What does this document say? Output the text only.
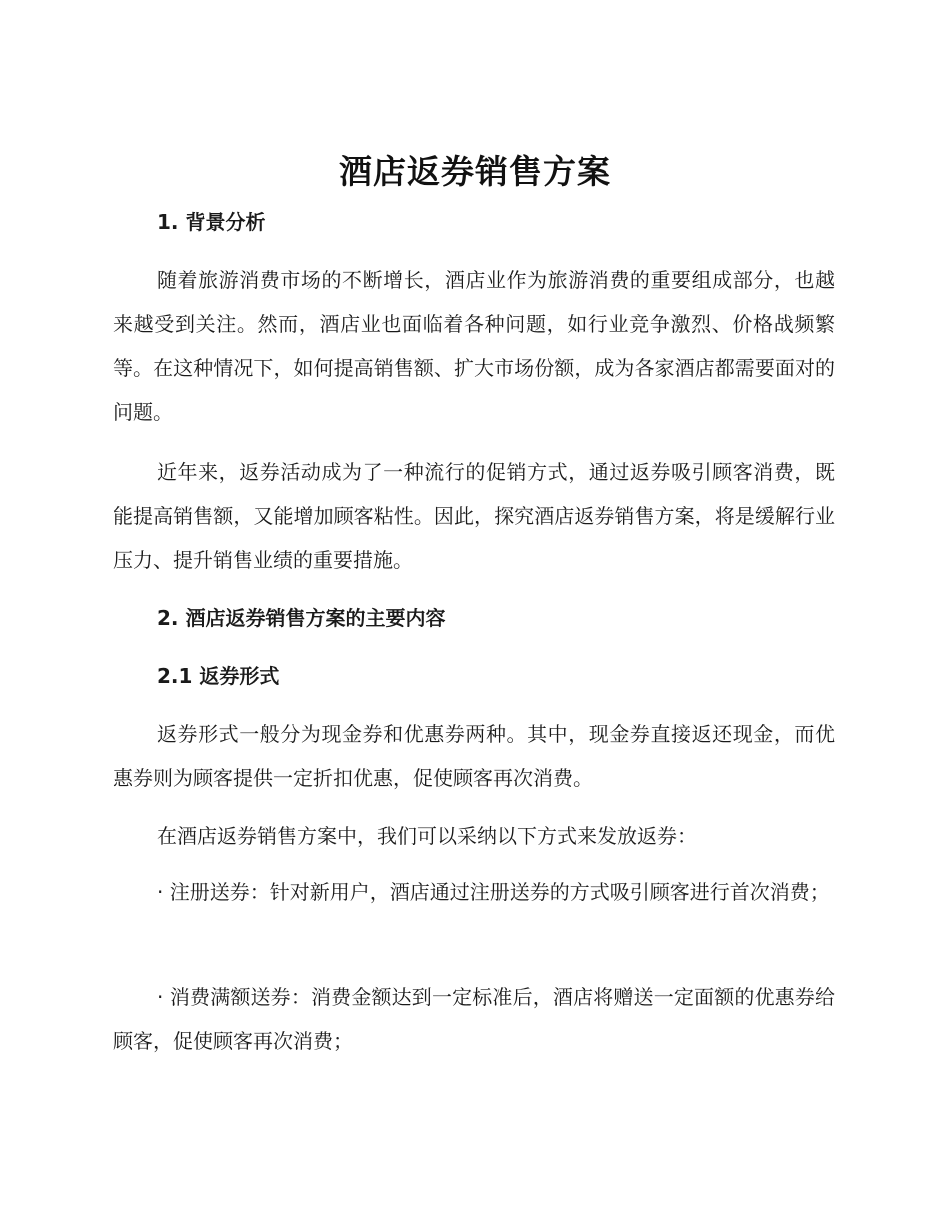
酒店返券销售方案
1. 背景分析
随着旅游消费市场的不断增长，酒店业作为旅游消费的重要组成部分，也越来越受到关注。然而，酒店业也面临着各种问题，如行业竞争激烈、价格战频繁等。在这种情况下，如何提高销售额、扩大市场份额，成为各家酒店都需要面对的问题。
近年来，返券活动成为了一种流行的促销方式，通过返券吸引顾客消费，既能提高销售额，又能增加顾客粘性。因此，探究酒店返券销售方案，将是缓解行业压力、提升销售业绩的重要措施。
2. 酒店返券销售方案的主要内容
2.1 返券形式
返券形式一般分为现金券和优惠券两种。其中，现金券直接返还现金，而优惠券则为顾客提供一定折扣优惠，促使顾客再次消费。
在酒店返券销售方案中，我们可以采纳以下方式来发放返券：
· 注册送券：针对新用户，酒店通过注册送券的方式吸引顾客进行首次消费；
· 消费满额送券：消费金额达到一定标准后，酒店将赠送一定面额的优惠券给顾客，促使顾客再次消费；
